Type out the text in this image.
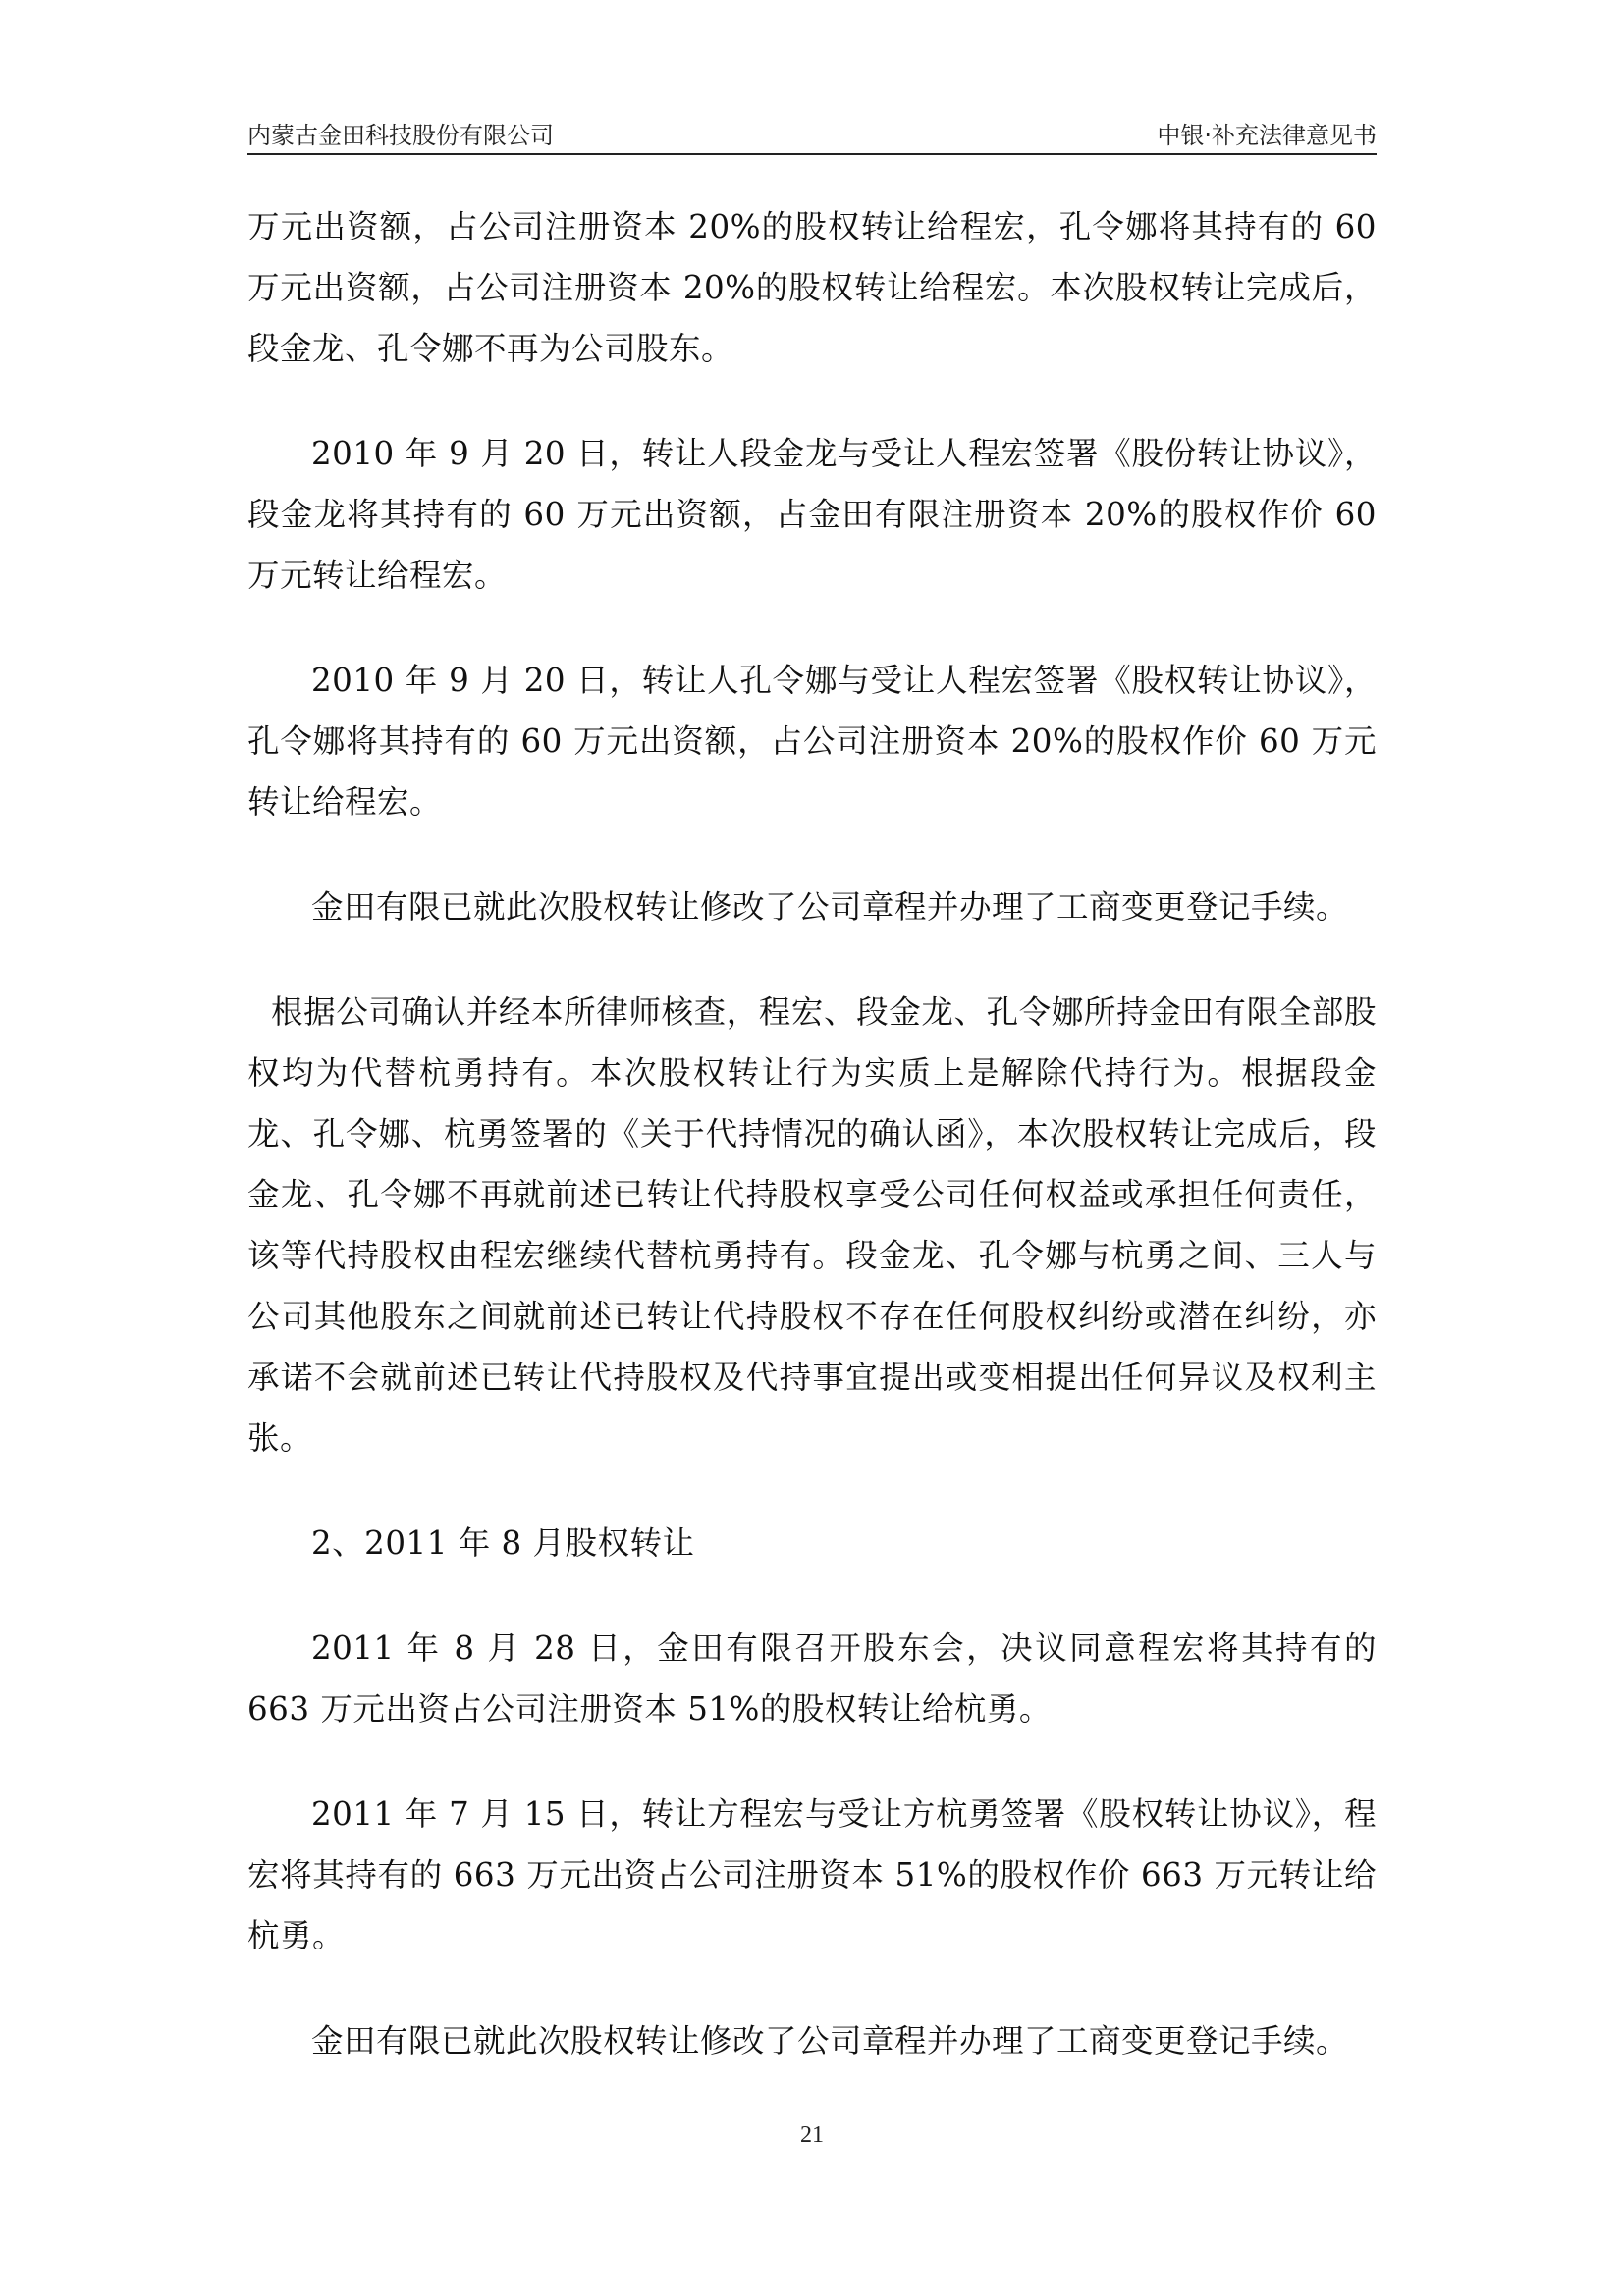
内蒙古金田科技股份有限公司	中银·补充法律意见书

万元出资额，占公司注册资本 20%的股权转让给程宏，孔令娜将其持有的 60 万元出资额，占公司注册资本 20%的股权转让给程宏。本次股权转让完成后，段金龙、孔令娜不再为公司股东。

2010 年 9 月 20 日，转让人段金龙与受让人程宏签署《股份转让协议》，段金龙将其持有的 60 万元出资额，占金田有限注册资本 20%的股权作价 60 万元转让给程宏。

2010 年 9 月 20 日，转让人孔令娜与受让人程宏签署《股权转让协议》，孔令娜将其持有的 60 万元出资额，占公司注册资本 20%的股权作价 60 万元转让给程宏。

金田有限已就此次股权转让修改了公司章程并办理了工商变更登记手续。

根据公司确认并经本所律师核查，程宏、段金龙、孔令娜所持金田有限全部股权均为代替杭勇持有。本次股权转让行为实质上是解除代持行为。根据段金龙、孔令娜、杭勇签署的《关于代持情况的确认函》，本次股权转让完成后，段金龙、孔令娜不再就前述已转让代持股权享受公司任何权益或承担任何责任，该等代持股权由程宏继续代替杭勇持有。段金龙、孔令娜与杭勇之间、三人与公司其他股东之间就前述已转让代持股权不存在任何股权纠纷或潜在纠纷，亦承诺不会就前述已转让代持股权及代持事宜提出或变相提出任何异议及权利主张。

2、2011 年 8 月股权转让

2011 年 8 月 28 日，金田有限召开股东会，决议同意程宏将其持有的 663 万元出资占公司注册资本 51%的股权转让给杭勇。

2011 年 7 月 15 日，转让方程宏与受让方杭勇签署《股权转让协议》，程宏将其持有的 663 万元出资占公司注册资本 51%的股权作价 663 万元转让给杭勇。

金田有限已就此次股权转让修改了公司章程并办理了工商变更登记手续。

21
